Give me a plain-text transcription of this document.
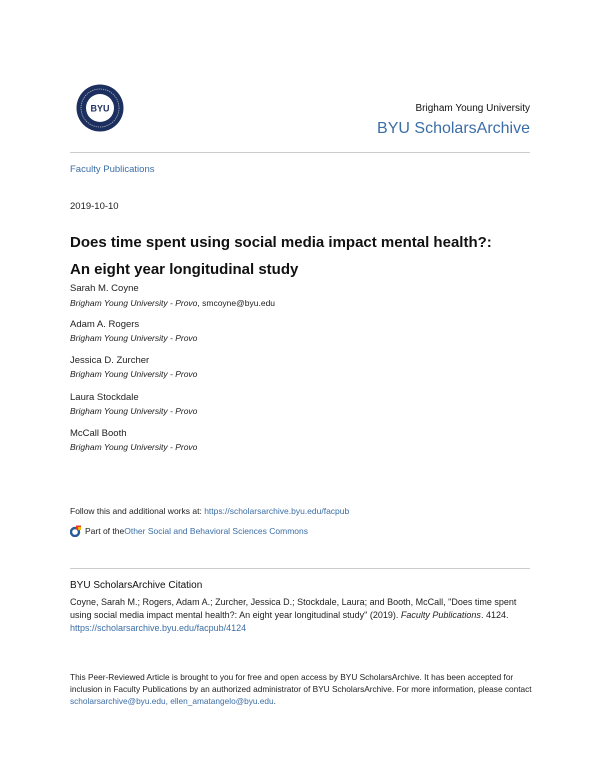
BYU	Brigham Young University
BYU ScholarsArchive
Faculty Publications
2019-10-10
Does time spent using social media impact mental health?: An eight year longitudinal study
Sarah M. Coyne
Brigham Young University - Provo, smcoyne@byu.edu
Adam A. Rogers
Brigham Young University - Provo
Jessica D. Zurcher
Brigham Young University - Provo
Laura Stockdale
Brigham Young University - Provo
McCall Booth
Brigham Young University - Provo
Follow this and additional works at: https://scholarsarchive.byu.edu/facpub
Part of the Other Social and Behavioral Sciences Commons
BYU ScholarsArchive Citation
Coyne, Sarah M.; Rogers, Adam A.; Zurcher, Jessica D.; Stockdale, Laura; and Booth, McCall, "Does time spent using social media impact mental health?: An eight year longitudinal study" (2019). Faculty Publications. 4124.
https://scholarsarchive.byu.edu/facpub/4124
This Peer-Reviewed Article is brought to you for free and open access by BYU ScholarsArchive. It has been accepted for inclusion in Faculty Publications by an authorized administrator of BYU ScholarsArchive. For more information, please contact scholarsarchive@byu.edu, ellen_amatangelo@byu.edu.
